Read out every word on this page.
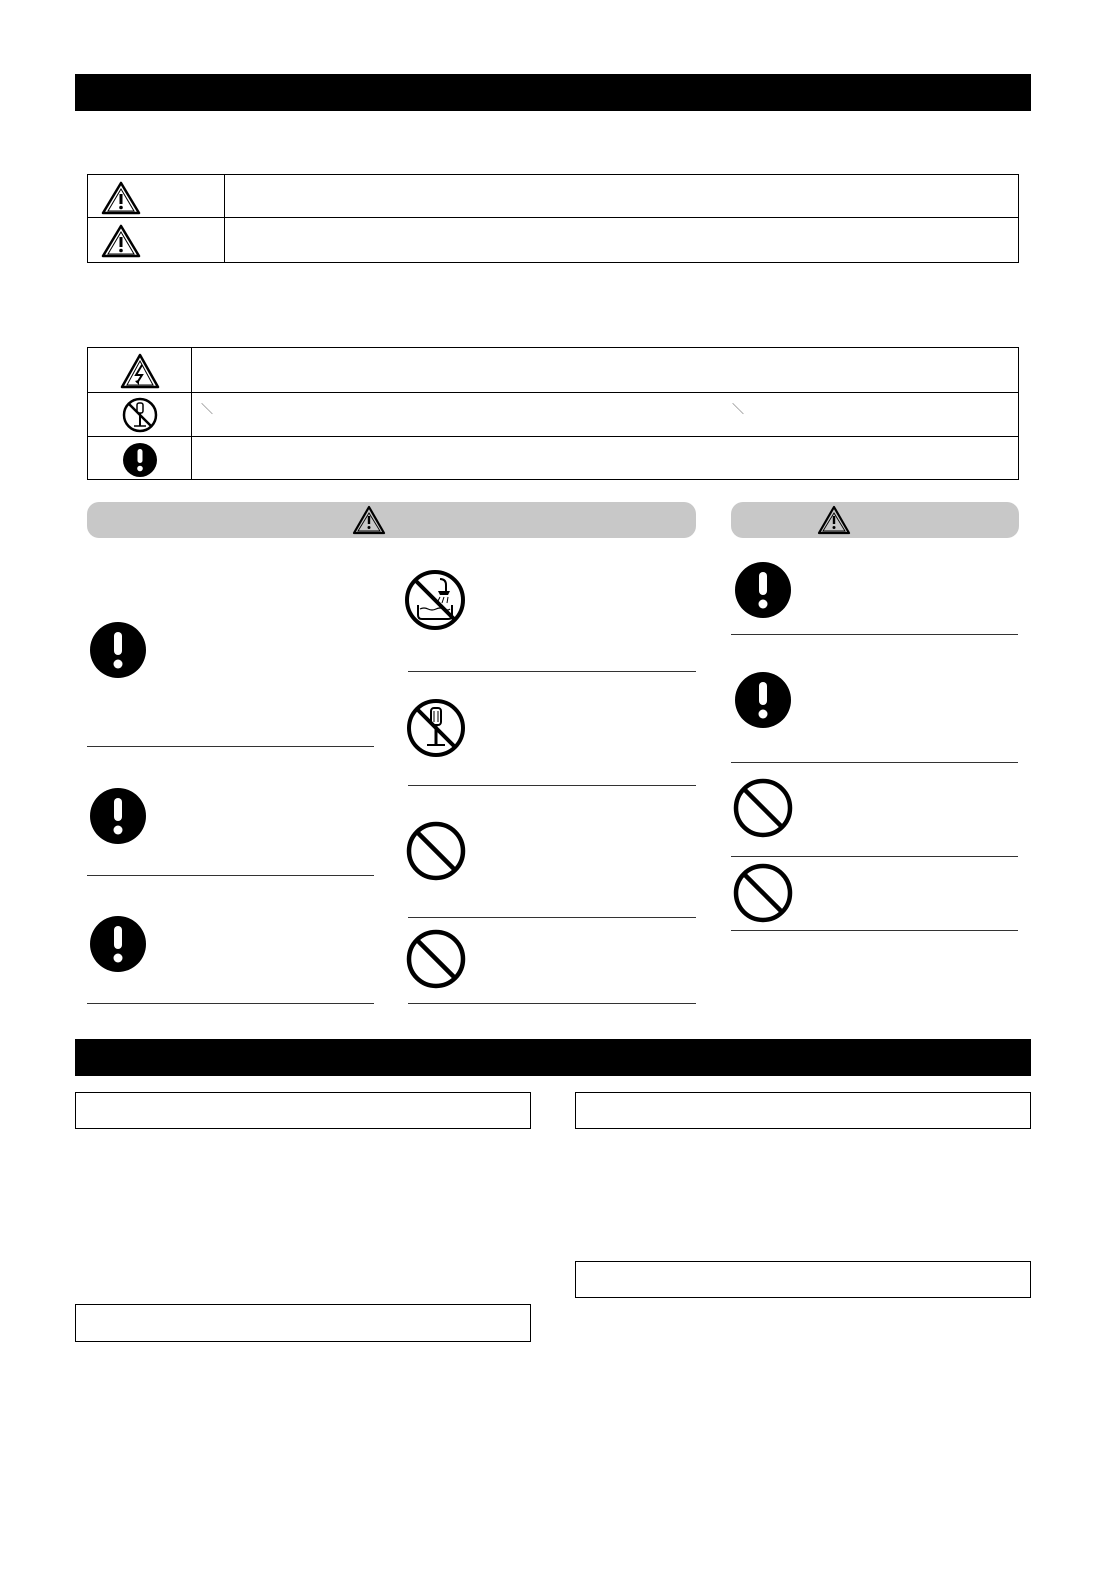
＼	＼
